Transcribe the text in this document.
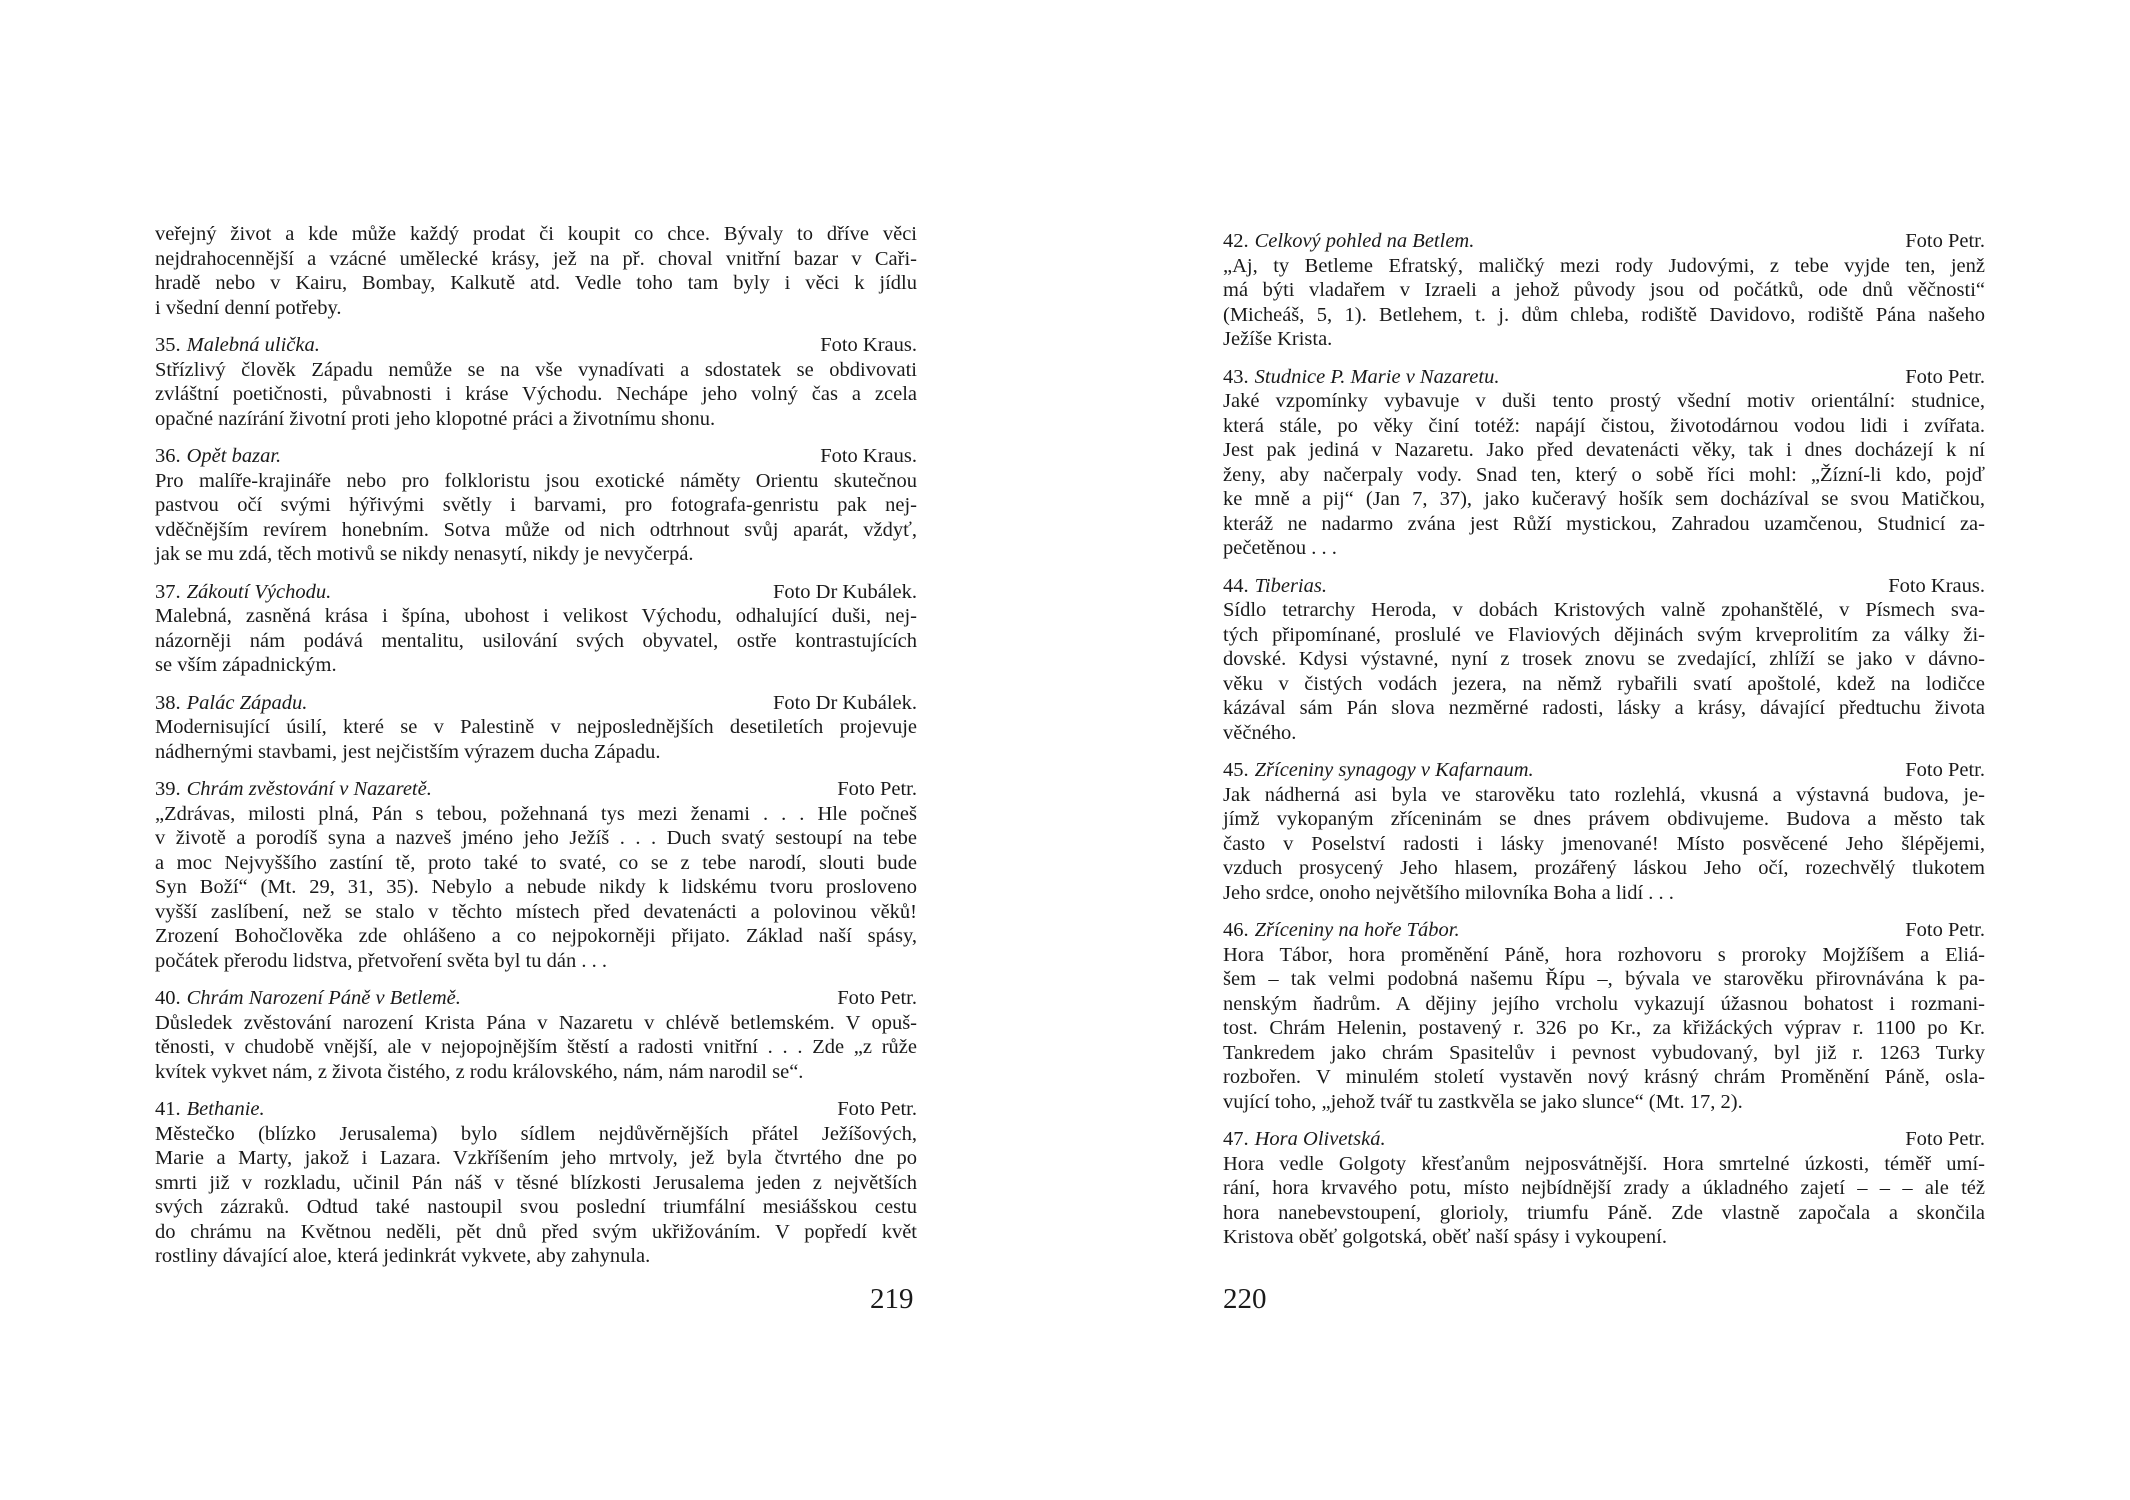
veřejný život a kde může každý prodat či koupit co chce. Bývaly to dříve věci
nejdrahocennější a vzácné umělecké krásy, jež na př. choval vnitřní bazar v Caři-
hradě nebo v Kairu, Bombay, Kalkutě atd. Vedle toho tam byly i věci k jídlu
i všední denní potřeby.
35. Malebná ulička.	Foto Kraus.
Střízlivý člověk Západu nemůže se na vše vynadívati a sdostatek se obdivovati
zvláštní poetičnosti, půvabnosti i kráse Východu. Nechápe jeho volný čas a zcela
opačné nazírání životní proti jeho klopotné práci a životnímu shonu.
36. Opět bazar.	Foto Kraus.
Pro malíře-krajináře nebo pro folkloristu jsou exotické náměty Orientu skutečnou
pastvou očí svými hýřivými světly i barvami, pro fotografa-genristu pak nej-
vděčnějším revírem honebním. Sotva může od nich odtrhnout svůj aparát, vždyť,
jak se mu zdá, těch motivů se nikdy nenasytí, nikdy je nevyčerpá.
37. Zákoutí Východu.	Foto Dr Kubálek.
Malebná, zasněná krása i špína, ubohost i velikost Východu, odhalující duši, nej-
názorněji nám podává mentalitu, usilování svých obyvatel, ostře kontrastujících
se vším západnickým.
38. Palác Západu.	Foto Dr Kubálek.
Modernisující úsilí, které se v Palestině v nejposlednějších desetiletích projevuje
nádhernými stavbami, jest nejčistším výrazem ducha Západu.
39. Chrám zvěstování v Nazaretě.	Foto Petr.
„Zdrávas, milosti plná, Pán s tebou, požehnaná tys mezi ženami . . . Hle počneš
v životě a porodíš syna a nazveš jméno jeho Ježíš . . . Duch svatý sestoupí na tebe
a moc Nejvyššího zastíní tě, proto také to svaté, co se z tebe narodí, slouti bude
Syn Boží“ (Mt. 29, 31, 35). Nebylo a nebude nikdy k lidskému tvoru prosloveno
vyšší zaslíbení, než se stalo v těchto místech před devatenácti a polovinou věků!
Zrození Bohočlověka zde ohlášeno a co nejpokorněji přijato. Základ naší spásy,
počátek přerodu lidstva, přetvoření světa byl tu dán . . .
40. Chrám Narození Páně v Betlemě.	Foto Petr.
Důsledek zvěstování narození Krista Pána v Nazaretu v chlévě betlemském. V opuš-
těnosti, v chudobě vnější, ale v nejopojnějším štěstí a radosti vnitřní . . . Zde „z růže
kvítek vykvet nám, z života čistého, z rodu královského, nám, nám narodil se“.
41. Bethanie.	Foto Petr.
Městečko (blízko Jerusalema) bylo sídlem nejdůvěrnějších přátel Ježíšových,
Marie a Marty, jakož i Lazara. Vzkříšením jeho mrtvoly, jež byla čtvrtého dne po
smrti již v rozkladu, učinil Pán náš v těsné blízkosti Jerusalema jeden z největších
svých zázraků. Odtud také nastoupil svou poslední triumfální mesiášskou cestu
do chrámu na Květnou neděli, pět dnů před svým ukřižováním. V popředí květ
rostliny dávající aloe, která jedinkrát vykvete, aby zahynula.
42. Celkový pohled na Betlem.	Foto Petr.
„Aj, ty Betleme Efratský, maličký mezi rody Judovými, z tebe vyjde ten, jenž
má býti vladařem v Izraeli a jehož původy jsou od počátků, ode dnů věčnosti“
(Micheáš, 5, 1). Betlehem, t. j. dům chleba, rodiště Davidovo, rodiště Pána našeho
Ježíše Krista.
43. Studnice P. Marie v Nazaretu.	Foto Petr.
Jaké vzpomínky vybavuje v duši tento prostý všední motiv orientální: studnice,
která stále, po věky činí totéž: napájí čistou, životodárnou vodou lidi i zvířata.
Jest pak jediná v Nazaretu. Jako před devatenácti věky, tak i dnes docházejí k ní
ženy, aby načerpaly vody. Snad ten, který o sobě říci mohl: „Žízní-li kdo, pojď
ke mně a pij“ (Jan 7, 37), jako kučeravý hošík sem docházíval se svou Matičkou,
kteráž ne nadarmo zvána jest Růží mystickou, Zahradou uzamčenou, Studnicí za-
pečetěnou . . .
44. Tiberias.	Foto Kraus.
Sídlo tetrarchy Heroda, v dobách Kristových valně zpohanštělé, v Písmech sva-
tých připomínané, proslulé ve Flaviových dějinách svým krveprolitím za války ži-
dovské. Kdysi výstavné, nyní z trosek znovu se zvedající, zhlíží se jako v dávno-
věku v čistých vodách jezera, na němž rybařili svatí apoštolé, kdež na lodičce
kázával sám Pán slova nezměrné radosti, lásky a krásy, dávající předtuchu života
věčného.
45. Zříceniny synagogy v Kafarnaum.	Foto Petr.
Jak nádherná asi byla ve starověku tato rozlehlá, vkusná a výstavná budova, je-
jímž vykopaným zříceninám se dnes právem obdivujeme. Budova a město tak
často v Poselství radosti i lásky jmenované! Místo posvěcené Jeho šlépějemi,
vzduch prosycený Jeho hlasem, prozářený láskou Jeho očí, rozechvělý tlukotem
Jeho srdce, onoho největšího milovníka Boha a lidí . . .
46. Zříceniny na hoře Tábor.	Foto Petr.
Hora Tábor, hora proměnění Páně, hora rozhovoru s proroky Mojžíšem a Eliá-
šem – tak velmi podobná našemu Řípu –, bývala ve starověku přirovnávána k pa-
nenským ňadrům. A dějiny jejího vrcholu vykazují úžasnou bohatost i rozmani-
tost. Chrám Helenin, postavený r. 326 po Kr., za křižáckých výprav r. 1100 po Kr.
Tankredem jako chrám Spasitelův i pevnost vybudovaný, byl již r. 1263 Turky
rozbořen. V minulém století vystavěn nový krásný chrám Proměnění Páně, osla-
vující toho, „jehož tvář tu zastkvěla se jako slunce“ (Mt. 17, 2).
47. Hora Olivetská.	Foto Petr.
Hora vedle Golgoty křesťanům nejposvátnější. Hora smrtelné úzkosti, téměř umí-
rání, hora krvavého potu, místo nejbídnější zrady a úkladného zajetí – – – ale též
hora nanebevstoupení, glorioly, triumfu Páně. Zde vlastně započala a skončila
Kristova oběť golgotská, oběť naší spásy i vykoupení.
219	220
